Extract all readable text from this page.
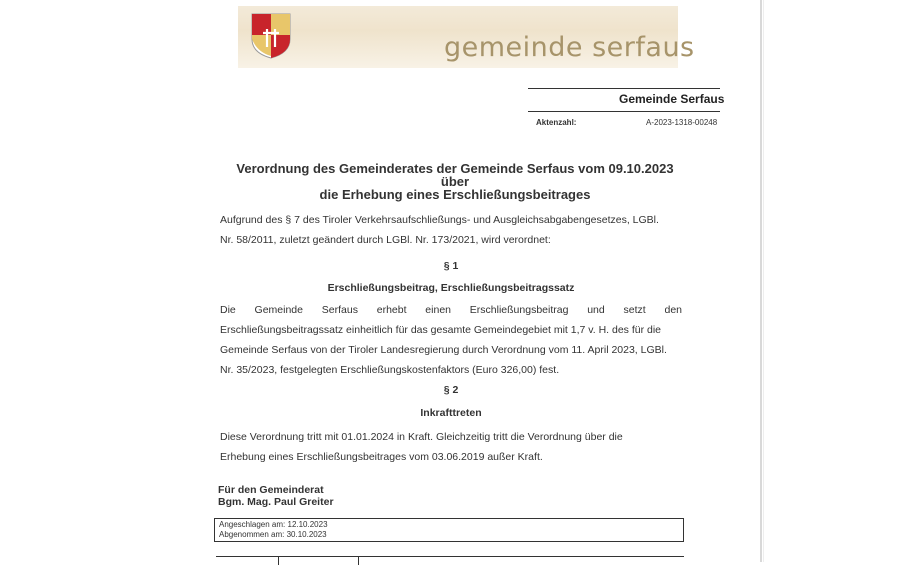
gemeinde serfaus
Gemeinde Serfaus
Aktenzahl:	A-2023-1318-00248
Verordnung des Gemeinderates der Gemeinde Serfaus vom 09.10.2023 über
die Erhebung eines Erschließungsbeitrages
Aufgrund des § 7 des Tiroler Verkehrsaufschließungs- und Ausgleichsabgabengesetzes, LGBl.
Nr. 58/2011, zuletzt geändert durch LGBl. Nr. 173/2021, wird verordnet:
§ 1
Erschließungsbeitrag, Erschließungsbeitragssatz
Die Gemeinde Serfaus erhebt einen Erschließungsbeitrag und setzt den
Erschließungsbeitragssatz einheitlich für das gesamte Gemeindegebiet mit 1,7 v. H. des für die
Gemeinde Serfaus von der Tiroler Landesregierung durch Verordnung vom 11. April 2023, LGBl.
Nr. 35/2023, festgelegten Erschließungskostenfaktors (Euro 326,00) fest.
§ 2
Inkrafttreten
Diese Verordnung tritt mit 01.01.2024 in Kraft. Gleichzeitig tritt die Verordnung über die
Erhebung eines Erschließungsbeitrages vom 03.06.2019 außer Kraft.
Für den Gemeinderat
Bgm. Mag. Paul Greiter
Angeschlagen am: 12.10.2023
Abgenommen am: 30.10.2023
